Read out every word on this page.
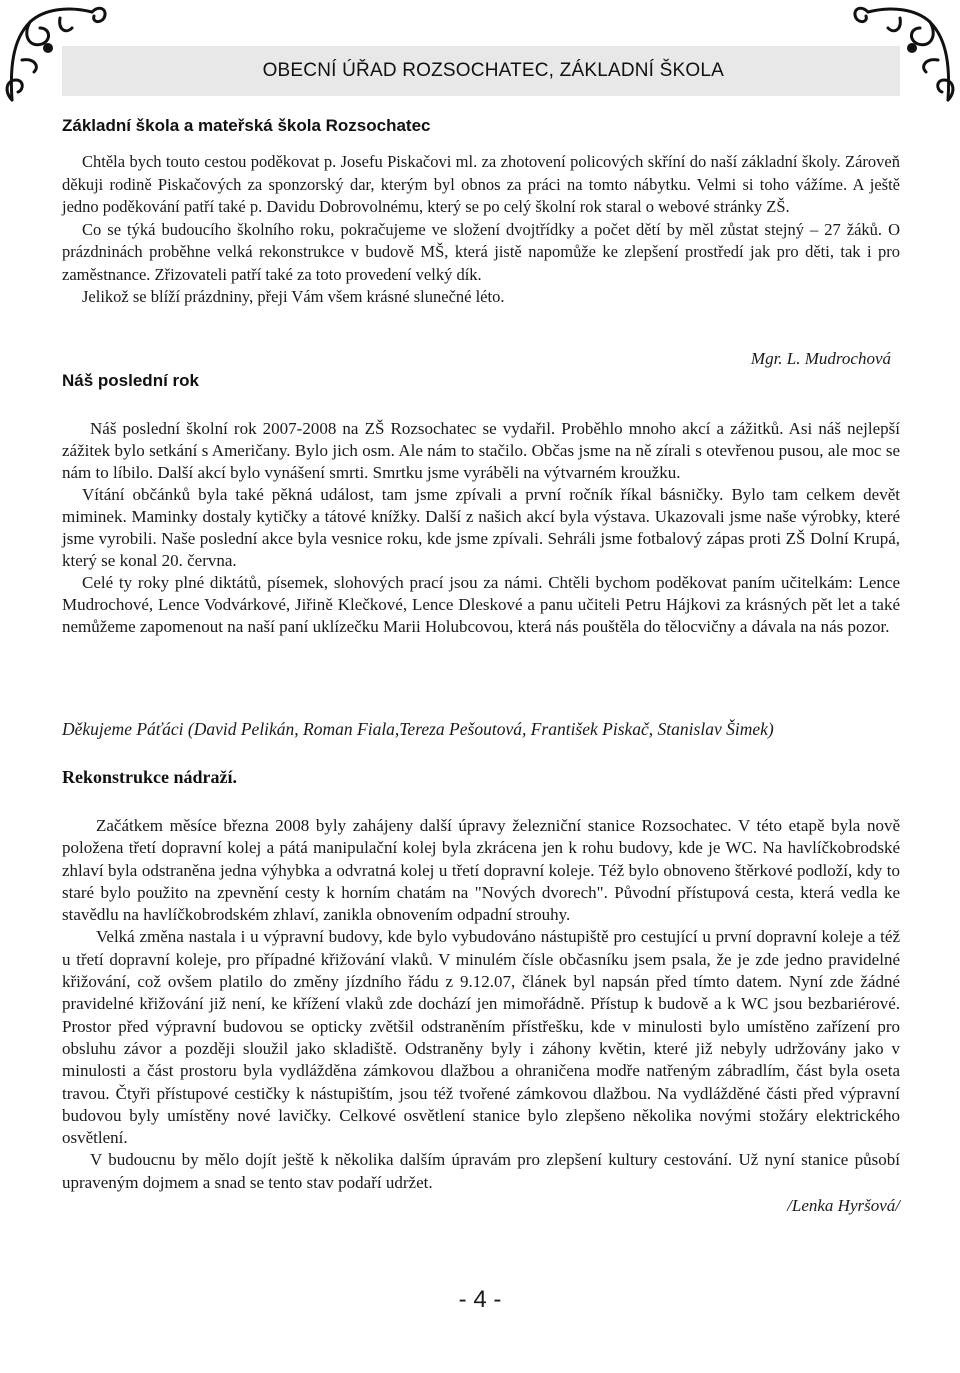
OBECNÍ ÚŘAD ROZSOCHATEC, ZÁKLADNÍ ŠKOLA
Základní škola a mateřská škola Rozsochatec

Chtěla bych touto cestou poděkovat p. Josefu Piskačovi ml. za zhotovení policových skříní do naší základní školy. Zároveň děkuji rodině Piskačových za sponzorský dar, kterým byl obnos za práci na tomto nábytku. Velmi si toho vážíme. A ještě jedno poděkování patří také p. Davidu Dobrovolnému, který se po celý školní rok staral o webové stránky ZŠ.

Co se týká budoucího školního roku, pokračujeme ve složení dvojtřídky a počet dětí by měl zůstat stejný – 27 žáků. O prázdninách proběhne velká rekonstrukce v budově MŠ, která jistě napomůže ke zlepšení prostředí jak pro děti, tak i pro zaměstnance. Zřizovateli patří také za toto provedení velký dík.

Jelikož se blíží prázdniny, přeji Vám všem krásné slunečné léto.

Mgr. L. Mudrochová
Náš poslední rok

Náš poslední školní rok 2007-2008 na ZŠ Rozsochatec se vydařil. Proběhlo mnoho akcí a zážitků. Asi náš nejlepší zážitek bylo setkání s Američany. Bylo jich osm. Ale nám to stačilo. Občas jsme na ně zírali s otevřenou pusou, ale moc se nám to líbilo. Další akcí bylo vynášení smrti. Smrtku jsme vyráběli na výtvarném kroužku.

Vítání občánků byla také pěkná událost, tam jsme zpívali a první ročník říkal básničky. Bylo tam celkem devět miminek. Maminky dostaly kytičky a tátové knížky. Další z našich akcí byla výstava. Ukazovali jsme naše výrobky, které jsme vyrobili. Naše poslední akce byla vesnice roku, kde jsme zpívali. Sehráli jsme fotbalový zápas proti ZŠ Dolní Krupá, který se konal 20. června.

Celé ty roky plné diktátů, písemek, slohových prací jsou za námi. Chtěli bychom poděkovat paním učitelkám: Lence Mudrochové, Lence Vodvárkové, Jiřině Klečkové, Lence Dleskové a panu učiteli Petru Hájkovi za krásných pět let a také nemůžeme zapomenout na naší paní uklízečku Marii Holubcovou, která nás pouštěla do tělocvičny a dávala na nás pozor.

Děkujeme Páťáci (David Pelikán, Roman Fiala,Tereza Pešoutová, František Piskač, Stanislav Šimek)
Rekonstrukce nádraží.

Začátkem měsíce března 2008 byly zahájeny další úpravy železniční stanice Rozsochatec. V této etapě byla nově položena třetí dopravní kolej a pátá manipulační kolej byla zkrácena jen k rohu budovy, kde je WC. Na havlíčkobrodské zhlaví byla odstraněna jedna výhybka a odvratná kolej u třetí dopravní koleje. Též bylo obnoveno štěrkové podloží, kdy to staré bylo použito na zpevnění cesty k horním chatám na "Nových dvorech". Původní přístupová cesta, která vedla ke stavědlu na havlíčkobrodském zhlaví, zanikla obnovením odpadní strouhy.

Velká změna nastala i u výpravní budovy, kde bylo vybudováno nástupiště pro cestující u první dopravní koleje a též u třetí dopravní koleje, pro případné křižování vlaků. V minulém čísle občasníku jsem psala, že je zde jedno pravidelné křižování, což ovšem platilo do změny jízdního řádu z 9.12.07, článek byl napsán před tímto datem. Nyní zde žádné pravidelné křižování již není, ke křížení vlaků zde dochází jen mimořádně. Přístup k budově a k WC jsou bezbariérové. Prostor před výpravní budovou se opticky zvětšil odstraněním přístřešku, kde v minulosti bylo umístěno zařízení pro obsluhu závor a později sloužil jako skladiště. Odstraněny byly i záhony květin, které již nebyly udržovány jako v minulosti a část prostoru byla vydlážděna zámkovou dlažbou a ohraničena modře natřeným zábradlím, část byla oseta travou. Čtyři přístupové cestičky k nástupištím, jsou též tvořené zámkovou dlažbou. Na vydlážděné části před výpravní budovou byly umístěny nové lavičky. Celkové osvětlení stanice bylo zlepšeno několika novými stožáry elektrického osvětlení.

V budoucnu by mělo dojít ještě k několika dalším úpravám pro zlepšení kultury cestování. Už nyní stanice působí upraveným dojmem a snad se tento stav podaří udržet.

/Lenka Hyršová/

- 4 -
